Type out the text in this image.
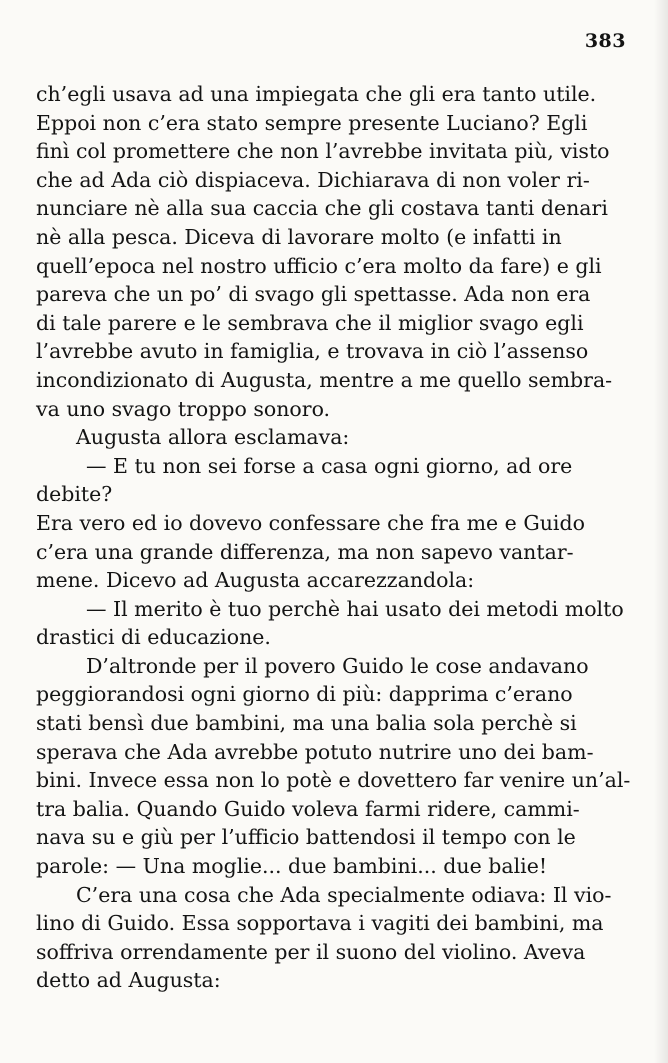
383
ch’egli usava ad una impiegata che gli era tanto utile.
Eppoi non c’era stato sempre presente Luciano? Egli
finì col promettere che non l’avrebbe invitata più, visto
che ad Ada ciò dispiaceva. Dichiarava di non voler ri-
nunciare nè alla sua caccia che gli costava tanti denari
nè alla pesca. Diceva di lavorare molto (e infatti in
quell’epoca nel nostro ufficio c’era molto da fare) e gli
pareva che un po’ di svago gli spettasse. Ada non era
di tale parere e le sembrava che il miglior svago egli
l’avrebbe avuto in famiglia, e trovava in ciò l’assenso
incondizionato di Augusta, mentre a me quello sembra-
va uno svago troppo sonoro.
Augusta allora esclamava:
— E tu non sei forse a casa ogni giorno, ad ore
debite?
Era vero ed io dovevo confessare che fra me e Guido
c’era una grande differenza, ma non sapevo vantar-
mene. Dicevo ad Augusta accarezzandola:
— Il merito è tuo perchè hai usato dei metodi molto
drastici di educazione.
D’altronde per il povero Guido le cose andavano
peggiorandosi ogni giorno di più: dapprima c’erano
stati bensì due bambini, ma una balia sola perchè si
sperava che Ada avrebbe potuto nutrire uno dei bam-
bini. Invece essa non lo potè e dovettero far venire un’al-
tra balia. Quando Guido voleva farmi ridere, cammi-
nava su e giù per l’ufficio battendosi il tempo con le
parole: — Una moglie... due bambini... due balie!
C’era una cosa che Ada specialmente odiava: Il vio-
lino di Guido. Essa sopportava i vagiti dei bambini, ma
soffriva orrendamente per il suono del violino. Aveva
detto ad Augusta:
